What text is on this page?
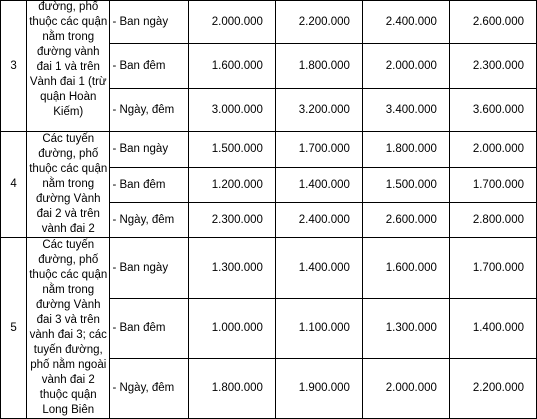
3	đường, phố thuộc các quận nằm trong đường vành đai 1 và trên Vành đai 1 (trừ quận Hoàn Kiếm)	- Ban ngày	2.000.000	2.200.000	2.400.000	2.600.000
		- Ban đêm	1.600.000	1.800.000	2.000.000	2.300.000
		- Ngày, đêm	3.000.000	3.200.000	3.400.000	3.600.000
4	Các tuyến đường, phố thuộc các quận nằm trong đường Vành đai 2 và trên vành đai 2	- Ban ngày	1.500.000	1.700.000	1.800.000	2.000.000
		- Ban đêm	1.200.000	1.400.000	1.500.000	1.700.000
		- Ngày, đêm	2.300.000	2.400.000	2.600.000	2.800.000
5	Các tuyến đường, phố thuộc các quận nằm trong đường Vành đai 3 và trên vành đai 3; các tuyến đường, phố nằm ngoài vành đai 2 thuộc quận Long Biên	- Ban ngày	1.300.000	1.400.000	1.600.000	1.700.000
		- Ban đêm	1.000.000	1.100.000	1.300.000	1.400.000
		- Ngày, đêm	1.800.000	1.900.000	2.000.000	2.200.000
